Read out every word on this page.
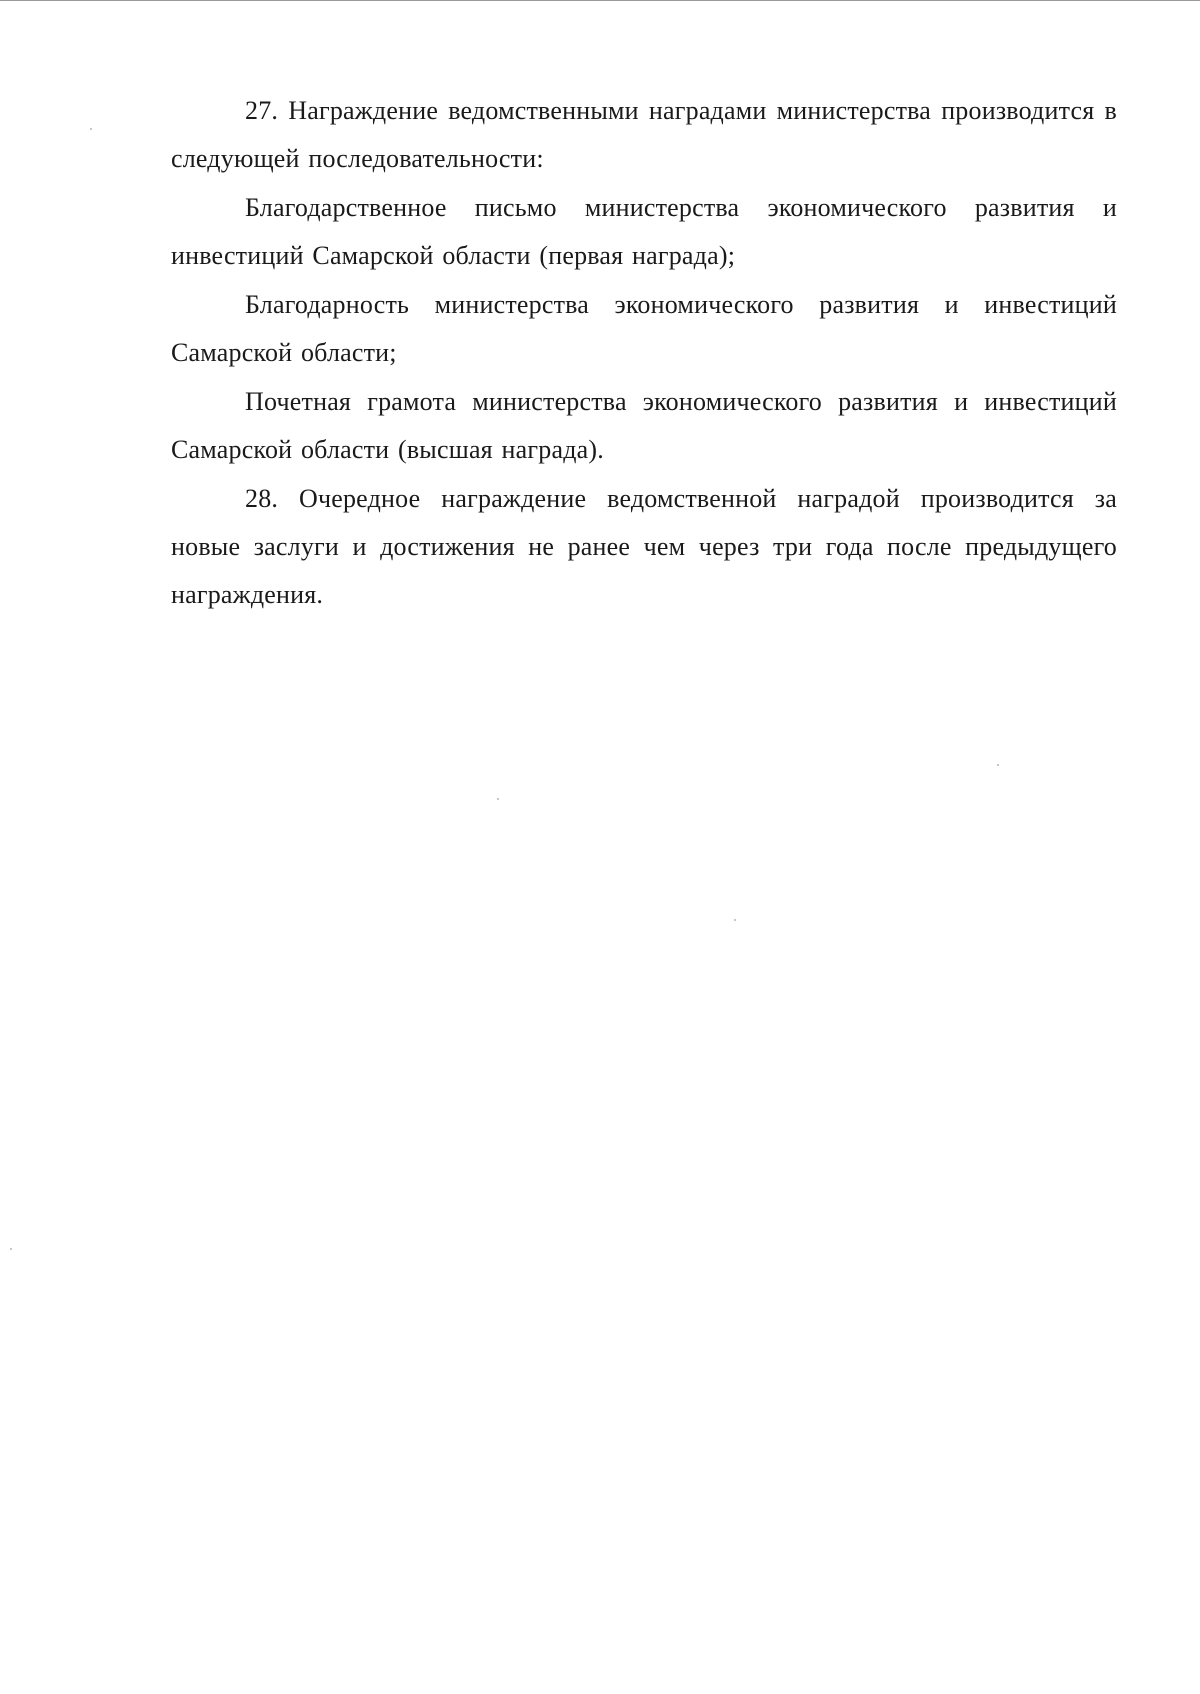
27. Награждение ведомственными наградами министерства производится в следующей последовательности:

Благодарственное письмо министерства экономического развития и инвестиций Самарской области (первая награда);

Благодарность министерства экономического развития и инвестиций Самарской области;

Почетная грамота министерства экономического развития и инвестиций Самарской области (высшая награда).

28. Очередное награждение ведомственной наградой производится за новые заслуги и достижения не ранее чем через три года после предыдущего награждения.
